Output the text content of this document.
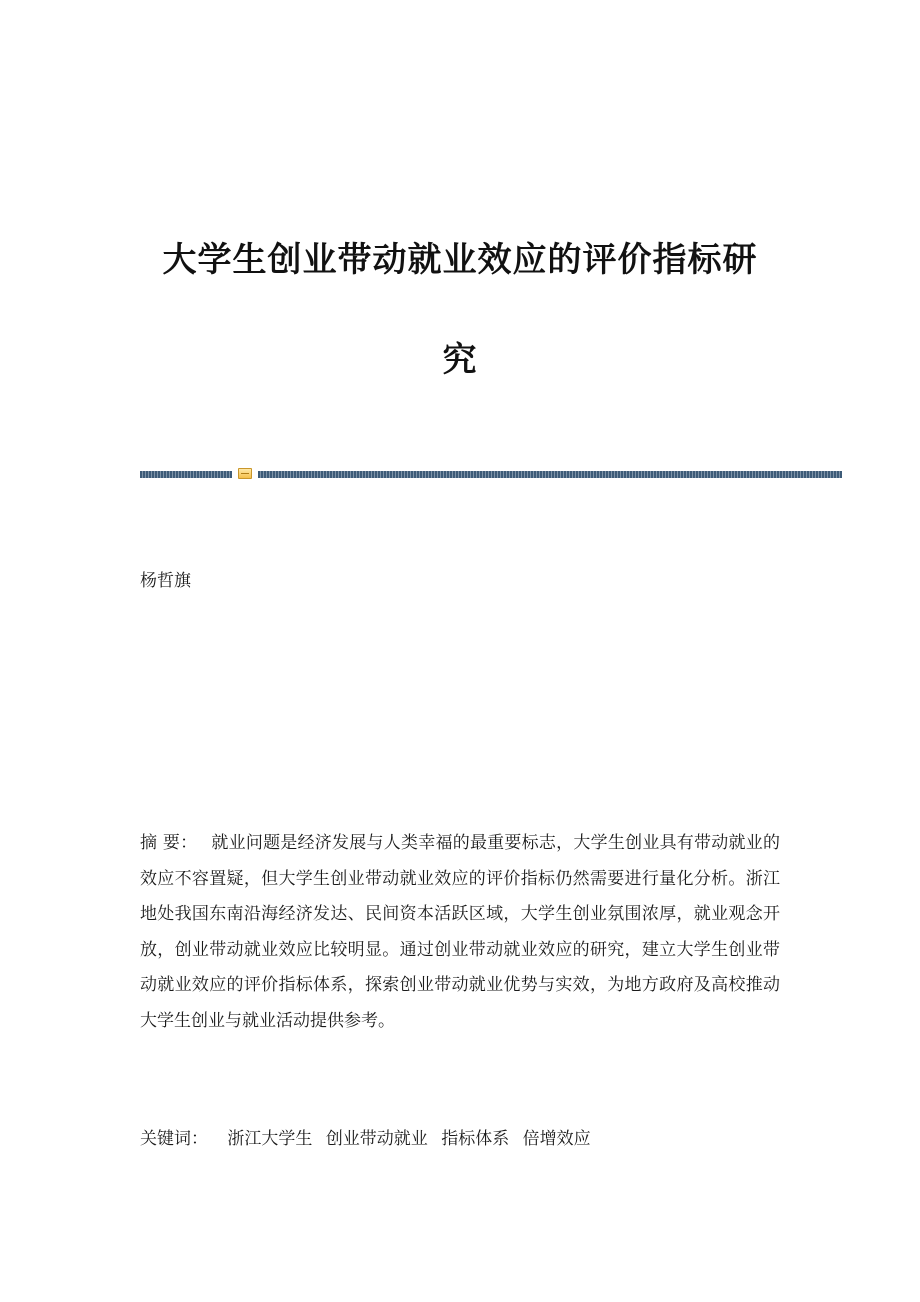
大学生创业带动就业效应的评价指标研
究
杨哲旗

摘 要： 就业问题是经济发展与人类幸福的最重要标志，大学生创业具有带动就业的效应不容置疑，但大学生创业带动就业效应的评价指标仍然需要进行量化分析。浙江地处我国东南沿海经济发达、民间资本活跃区域，大学生创业氛围浓厚，就业观念开放，创业带动就业效应比较明显。通过创业带动就业效应的研究，建立大学生创业带动就业效应的评价指标体系，探索创业带动就业优势与实效，为地方政府及高校推动大学生创业与就业活动提供参考。

关键词： 浙江大学生 创业带动就业 指标体系 倍增效应
